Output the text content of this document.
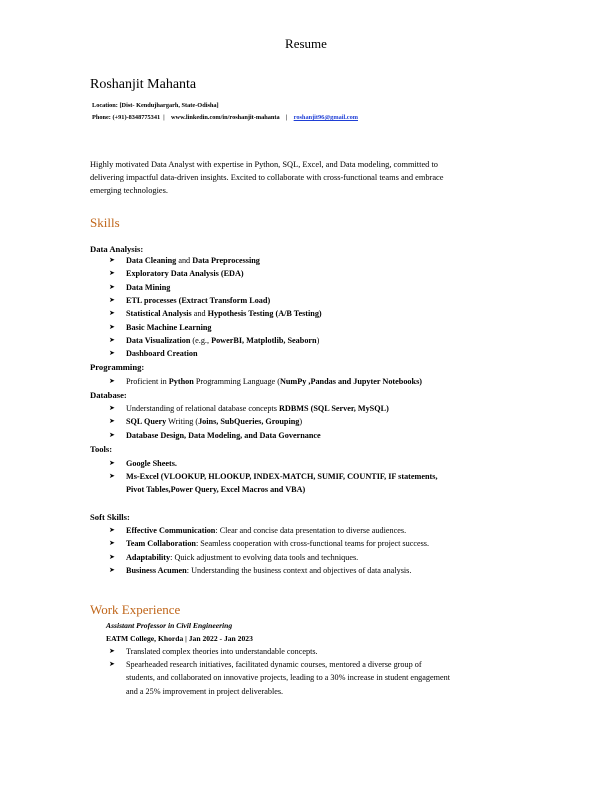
Resume
Roshanjit Mahanta
Location: [Dist- Kendujhargarh, State-Odisha]
Phone: (+91)-8348775341 | www.linkedin.com/in/roshanjit-mahanta | roshanjit96@gmail.com
Highly motivated Data Analyst with expertise in Python, SQL, Excel, and Data modeling, committed to
delivering impactful data-driven insights. Excited to collaborate with cross-functional teams and embrace
emerging technologies.
Skills
Data Analysis:
➤ Data Cleaning and Data Preprocessing
➤ Exploratory Data Analysis (EDA)
➤ Data Mining
➤ ETL processes (Extract Transform Load)
➤ Statistical Analysis and Hypothesis Testing (A/B Testing)
➤ Basic Machine Learning
➤ Data Visualization (e.g., PowerBI, Matplotlib, Seaborn)
➤ Dashboard Creation
Programming:
➤ Proficient in Python Programming Language (NumPy ,Pandas and Jupyter Notebooks)
Database:
➤ Understanding of relational database concepts RDBMS (SQL Server, MySQL)
➤ SQL Query Writing (Joins, SubQueries, Grouping)
➤ Database Design, Data Modeling, and Data Governance
Tools:
➤ Google Sheets.
➤ Ms-Excel (VLOOKUP, HLOOKUP, INDEX-MATCH, SUMIF, COUNTIF, IF statements,
Pivot Tables,Power Query, Excel Macros and VBA)
Soft Skills:
➤ Effective Communication: Clear and concise data presentation to diverse audiences.
➤ Team Collaboration: Seamless cooperation with cross-functional teams for project success.
➤ Adaptability: Quick adjustment to evolving data tools and techniques.
➤ Business Acumen: Understanding the business context and objectives of data analysis.
Work Experience
Assistant Professor in Civil Engineering
EATM College, Khorda | Jan 2022 - Jan 2023
➤ Translated complex theories into understandable concepts.
➤ Spearheaded research initiatives, facilitated dynamic courses, mentored a diverse group of
students, and collaborated on innovative projects, leading to a 30% increase in student engagement
and a 25% improvement in project deliverables.
